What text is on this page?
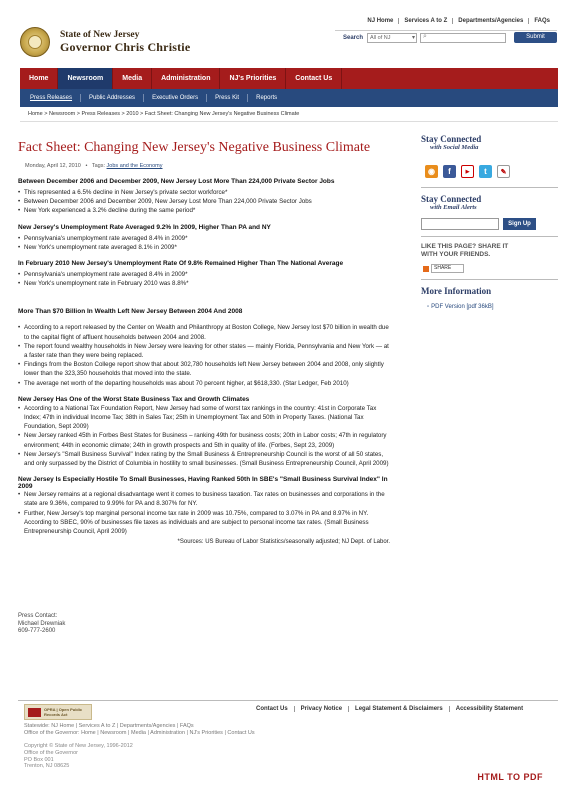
NJ Home	Services A to Z	Departments/Agencies	FAQs
State of New Jersey
Governor Chris Christie
Search	All of NJ	▾ ⌕	Submit
Home	Newsroom	Media	Administration	NJ's Priorities	Contact Us
Press Releases	Public Addresses	Executive Orders	Press Kit	Reports
Home > Newsroom > Press Releases > 2010 > Fact Sheet: Changing New Jersey's Negative Business Climate
Fact Sheet: Changing New Jersey's Negative Business Climate
Monday, April 12, 2010   •   Tags: Jobs and the Economy
Between December 2006 and December 2009, New Jersey Lost More Than 224,000 Private Sector Jobs
• This represented a 6.5% decline in New Jersey's private sector workforce*
• Between December 2006 and December 2009, New Jersey Lost More Than 224,000 Private Sector Jobs
• New York experienced a 3.2% decline during the same period*
New Jersey's Unemployment Rate Averaged 9.2% In 2009, Higher Than PA and NY
• Pennsylvania's unemployment rate averaged 8.4% in 2009*
• New York's unemployment rate averaged 8.1% in 2009*
In February 2010 New Jersey's Unemployment Rate Of 9.8% Remained Higher Than The National Average
• Pennsylvania's unemployment rate averaged 8.4% in 2009*
• New York's unemployment rate in February 2010 was 8.8%*
More Than $70 Billion In Wealth Left New Jersey Between 2004 And 2008
• According to a report released by the Center on Wealth and Philanthropy at Boston College, New Jersey lost $70 billion in wealth due to the capital flight of affluent households between 2004 and 2008.
• The report found wealthy households in New Jersey were leaving for other states — mainly Florida, Pennsylvania and New York — at a faster rate than they were being replaced.
• Findings from the Boston College report show that about 302,780 households left New Jersey between 2004 and 2008, only slightly lower than the 323,350 households that moved into the state.
• The average net worth of the departing households was about 70 percent higher, at $618,330. (Star Ledger, Feb 2010)
New Jersey Has One of the Worst State Business Tax and Growth Climates
• According to a National Tax Foundation Report, New Jersey had some of worst tax rankings in the country: 41st in Corporate Tax Index; 47th in individual Income Tax; 38th in Sales Tax; 25th in Unemployment Tax and 50th in Property Taxes. (National Tax Foundation, Sept 2009)
• New Jersey ranked 45th in Forbes Best States for Business – ranking 49th for business costs; 20th in Labor costs; 47th in regulatory environment; 44th in economic climate; 24th in growth prospects and 5th in quality of life. (Forbes, Sept 23, 2009)
• New Jersey's "Small Business Survival" Index rating by the Small Business & Entrepreneurship Council is the worst of all 50 states, and only surpassed by the District of Columbia in hostility to small businesses. (Small Business Entrepreneurship Council, April 2009)
New Jersey Is Especially Hostile To Small Businesses, Having Ranked 50th In SBE's "Small Business Survival Index" In 2009
• New Jersey remains at a regional disadvantage went it comes to business taxation. Tax rates on businesses and corporations in the state are 9.36%, compared to 9.99% for PA and 8.307% for NY.
• Further, New Jersey's top marginal personal income tax rate in 2009 was 10.75%, compared to 3.07% in PA and 8.97% in NY. According to SBEC, 90% of businesses file taxes as individuals and are subject to personal income tax rates. (Small Business Entrepreneurship Council, April 2009)
*Sources: US Bureau of Labor Statistics/seasonally adjusted; NJ Dept. of Labor.
Press Contact:
Michael Drewniak
609-777-2600
Stay Connected
with Social Media
◉	f	▶	t	✎
Stay Connected
with Email Alerts
Sign Up
LIKE THIS PAGE? SHARE IT
WITH YOUR FRIENDS.
SHARE
More Information
▫ PDF Version [pdf 36kB]
OPRA | Open Public Records Act
Contact Us	Privacy Notice	Legal Statement & Disclaimers	Accessibility Statement
Statewide: NJ Home | Services A to Z | Departments/Agencies | FAQs
Office of the Governor: Home | Newsroom | Media | Administration | NJ's Priorities | Contact Us
Copyright © State of New Jersey, 1996-2012
Office of the Governor
PO Box 001
Trenton, NJ 08625
HTML TO PDF
